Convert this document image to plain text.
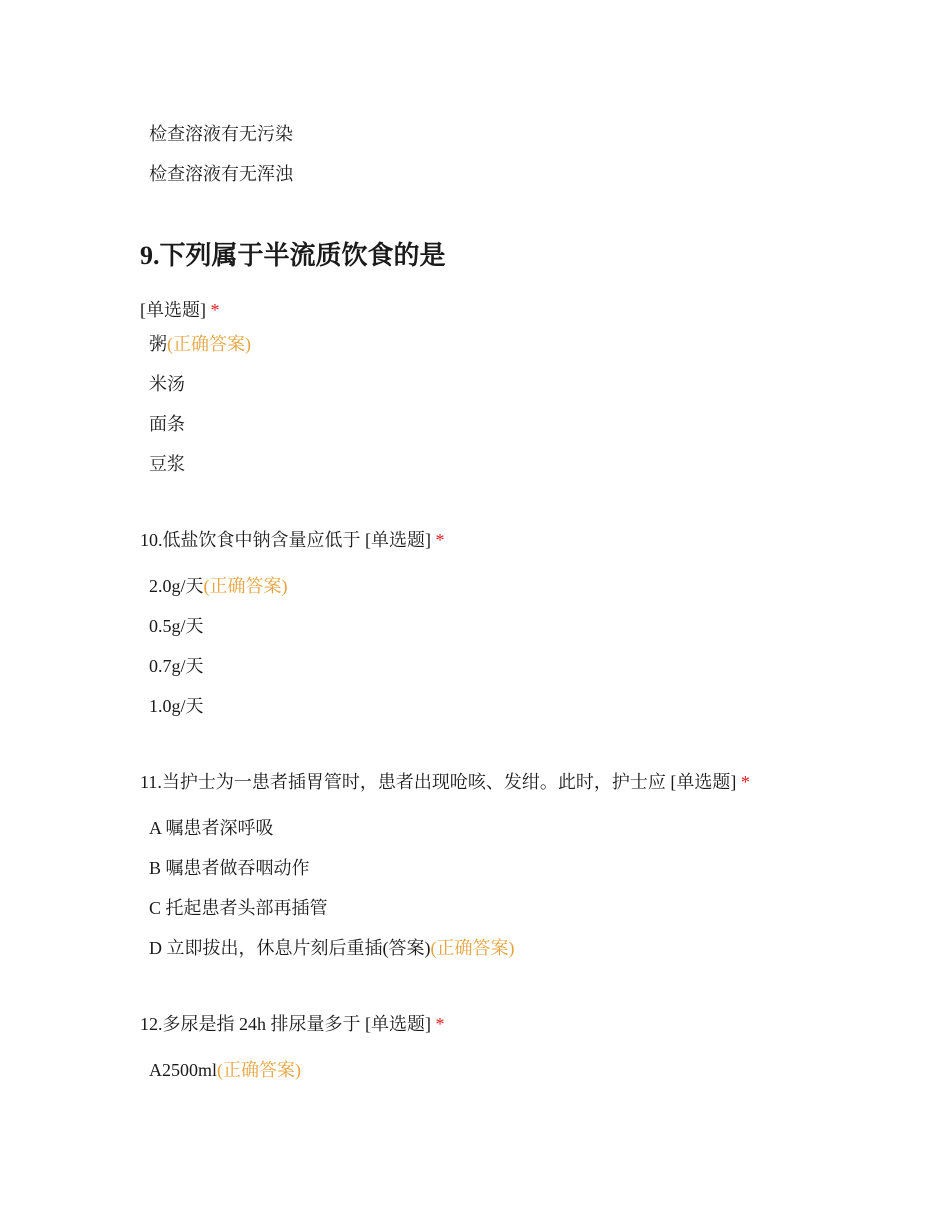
检查溶液有无污染
检查溶液有无浑浊
9.下列属于半流质饮食的是
[单选题] *
粥(正确答案)
米汤
面条
豆浆
10.低盐饮食中钠含量应低于 [单选题] *
2.0g/天(正确答案)
0.5g/天
0.7g/天
1.0g/天
11.当护士为一患者插胃管时，患者出现呛咳、发绀。此时，护士应 [单选题] *
A 嘱患者深呼吸
B 嘱患者做吞咽动作
C 托起患者头部再插管
D 立即拔出，休息片刻后重插(答案)(正确答案)
12.多尿是指 24h 排尿量多于 [单选题] *
A2500ml(正确答案)
